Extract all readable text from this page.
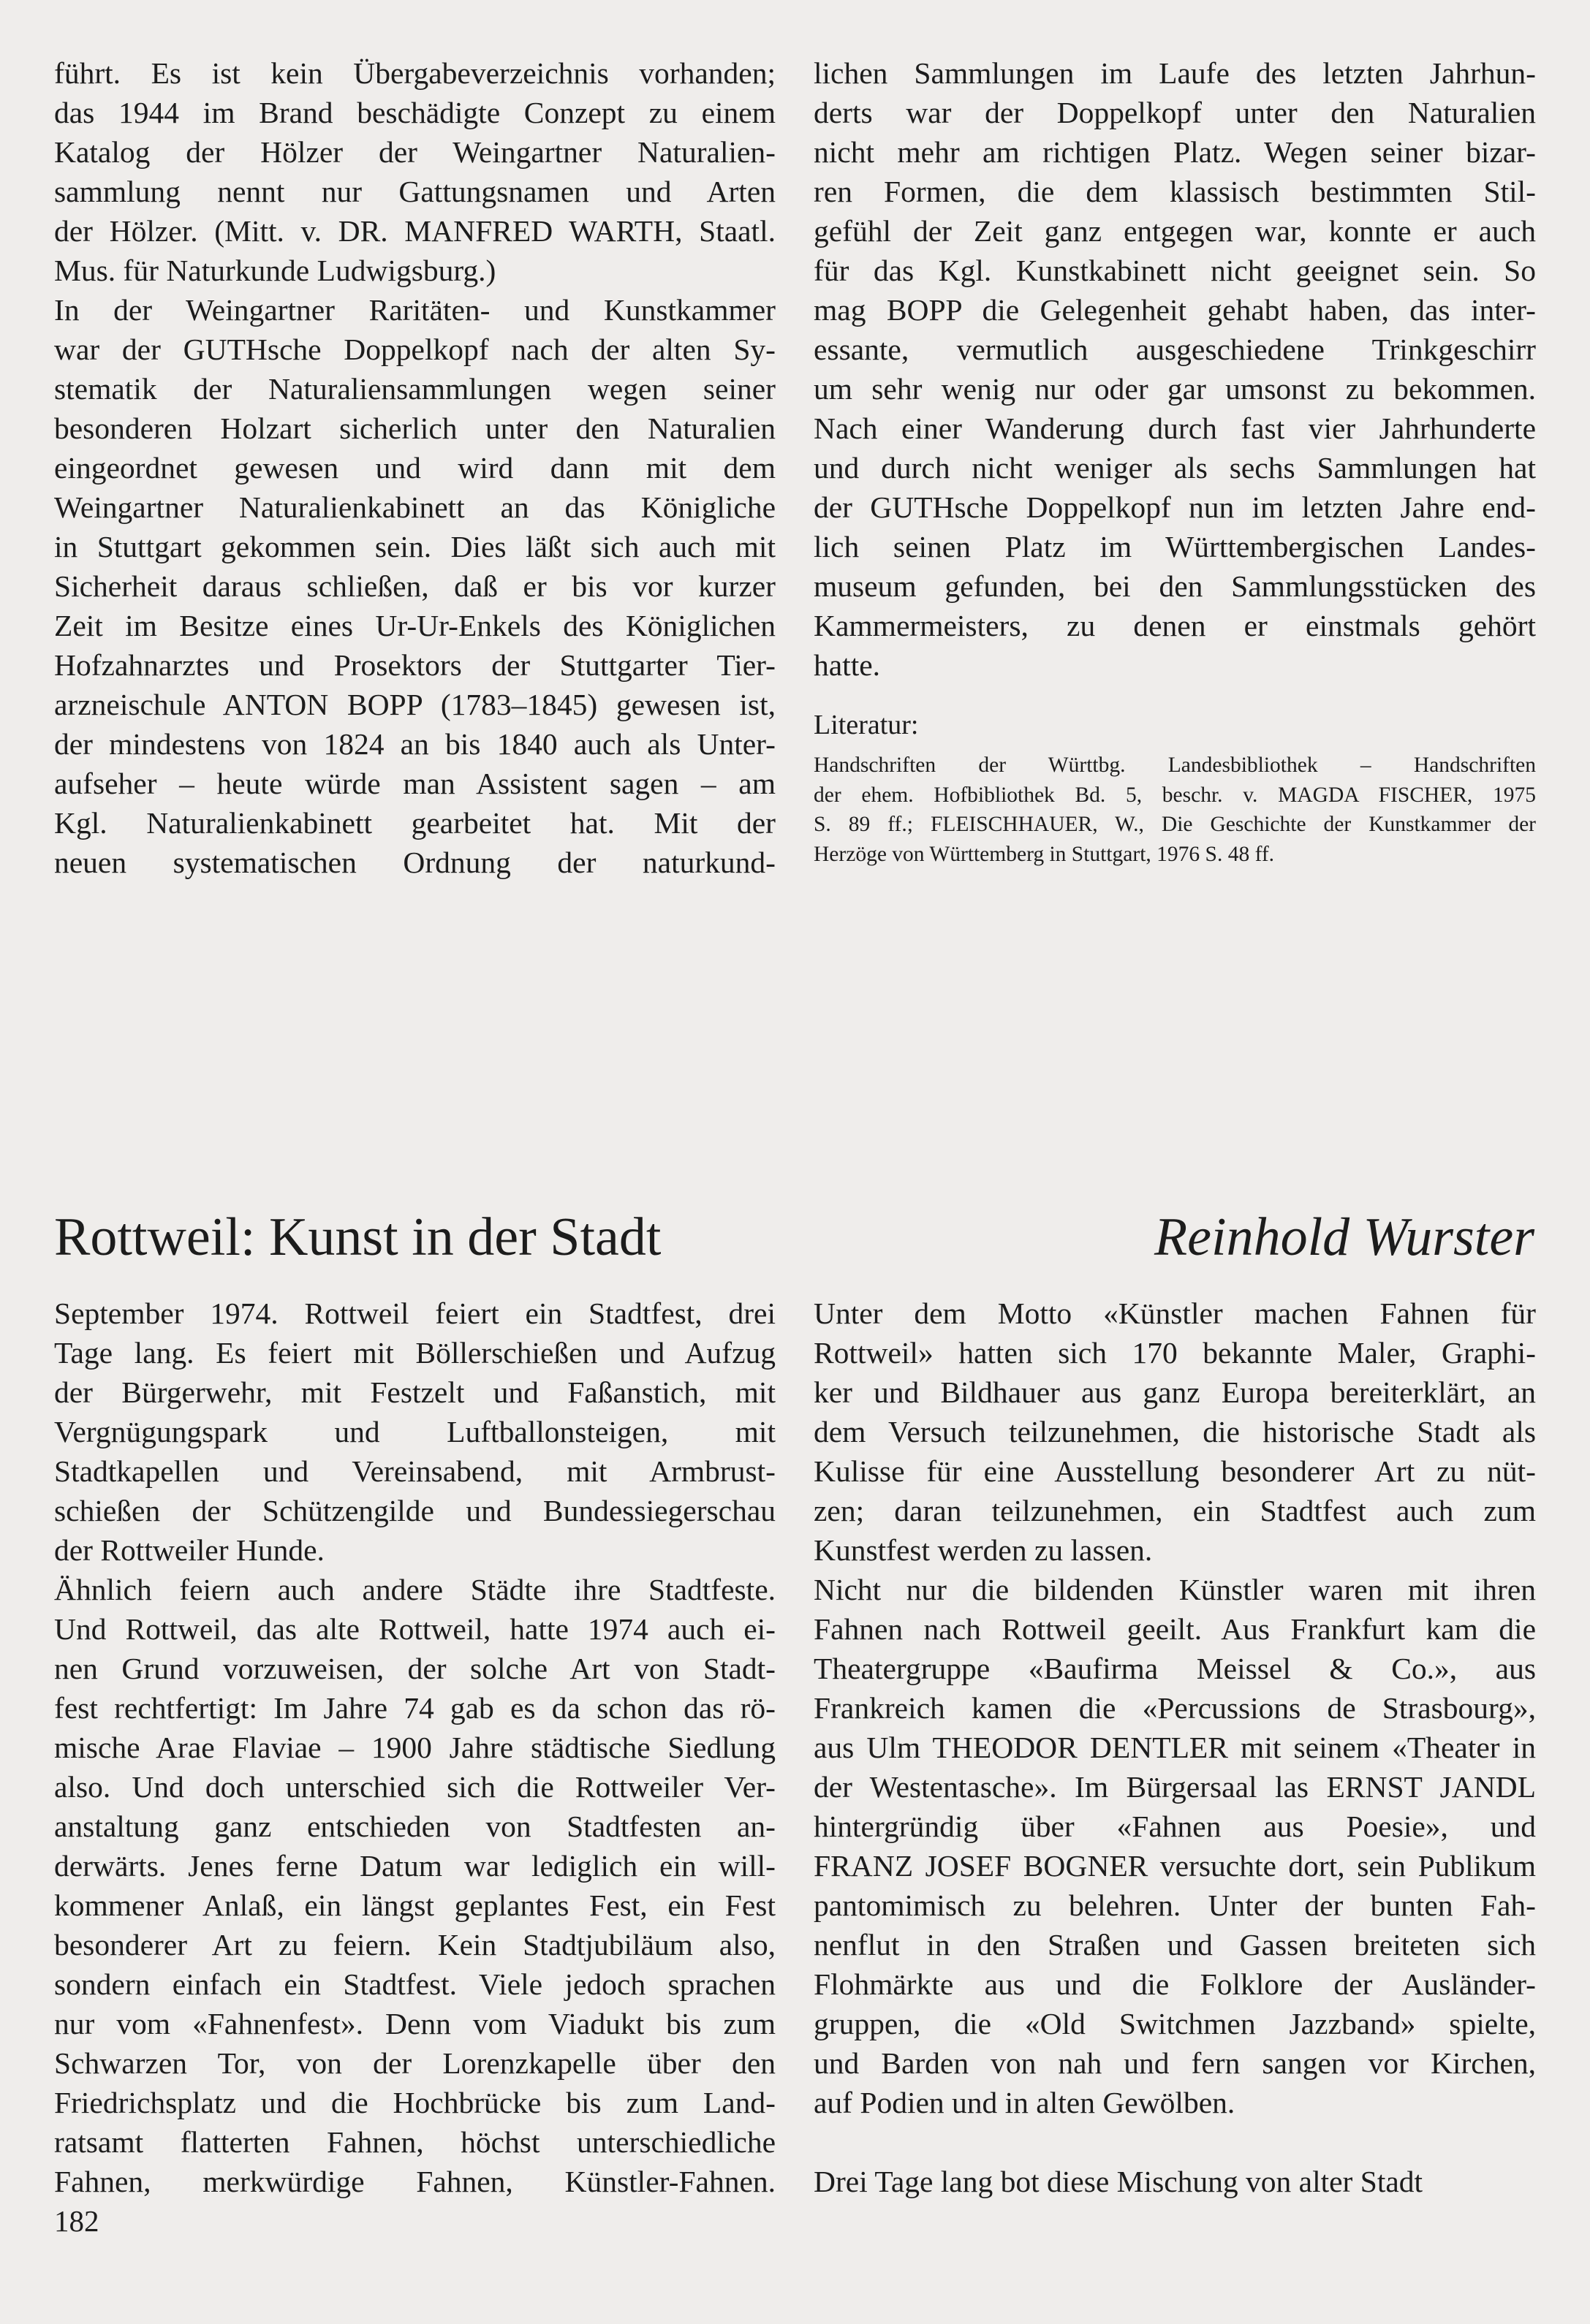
führt. Es ist kein Übergabeverzeichnis vorhanden;

das 1944 im Brand beschädigte Conzept zu einem

Katalog der Hölzer der Weingartner Naturalien-

sammlung nennt nur Gattungsnamen und Arten

der Hölzer. (Mitt. v. DR. MANFRED WARTH, Staatl.

Mus. für Naturkunde Ludwigsburg.)

In der Weingartner Raritäten- und Kunstkammer

war der GUTHsche Doppelkopf nach der alten Sy-

stematik der Naturaliensammlungen wegen seiner

besonderen Holzart sicherlich unter den Naturalien

eingeordnet gewesen und wird dann mit dem

Weingartner Naturalienkabinett an das Königliche

in Stuttgart gekommen sein. Dies läßt sich auch mit

Sicherheit daraus schließen, daß er bis vor kurzer

Zeit im Besitze eines Ur-Ur-Enkels des Königlichen

Hofzahnarztes und Prosektors der Stuttgarter Tier-

arzneischule ANTON BOPP (1783–1845) gewesen ist,

der mindestens von 1824 an bis 1840 auch als Unter-

aufseher – heute würde man Assistent sagen – am

Kgl. Naturalienkabinett gearbeitet hat. Mit der

neuen systematischen Ordnung der naturkund-

lichen Sammlungen im Laufe des letzten Jahrhun-

derts war der Doppelkopf unter den Naturalien

nicht mehr am richtigen Platz. Wegen seiner bizar-

ren Formen, die dem klassisch bestimmten Stil-

gefühl der Zeit ganz entgegen war, konnte er auch

für das Kgl. Kunstkabinett nicht geeignet sein. So

mag BOPP die Gelegenheit gehabt haben, das inter-

essante, vermutlich ausgeschiedene Trinkgeschirr

um sehr wenig nur oder gar umsonst zu bekommen.

Nach einer Wanderung durch fast vier Jahrhunderte

und durch nicht weniger als sechs Sammlungen hat

der GUTHsche Doppelkopf nun im letzten Jahre end-

lich seinen Platz im Württembergischen Landes-

museum gefunden, bei den Sammlungsstücken des

Kammermeisters, zu denen er einstmals gehört

hatte.

Literatur:

Handschriften der Württbg. Landesbibliothek – Handschriften

der ehem. Hofbibliothek Bd. 5, beschr. v. MAGDA FISCHER, 1975

S. 89 ff.; FLEISCHHAUER, W., Die Geschichte der Kunstkammer der

Herzöge von Württemberg in Stuttgart, 1976 S. 48 ff.

Rottweil: Kunst in der Stadt	Reinhold Wurster

September 1974. Rottweil feiert ein Stadtfest, drei

Tage lang. Es feiert mit Böllerschießen und Aufzug

der Bürgerwehr, mit Festzelt und Faßanstich, mit

Vergnügungspark und Luftballonsteigen, mit

Stadtkapellen und Vereinsabend, mit Armbrust-

schießen der Schützengilde und Bundessiegerschau

der Rottweiler Hunde.

Ähnlich feiern auch andere Städte ihre Stadtfeste.

Und Rottweil, das alte Rottweil, hatte 1974 auch ei-

nen Grund vorzuweisen, der solche Art von Stadt-

fest rechtfertigt: Im Jahre 74 gab es da schon das rö-

mische Arae Flaviae – 1900 Jahre städtische Siedlung

also. Und doch unterschied sich die Rottweiler Ver-

anstaltung ganz entschieden von Stadtfesten an-

derwärts. Jenes ferne Datum war lediglich ein will-

kommener Anlaß, ein längst geplantes Fest, ein Fest

besonderer Art zu feiern. Kein Stadtjubiläum also,

sondern einfach ein Stadtfest. Viele jedoch sprachen

nur vom «Fahnenfest». Denn vom Viadukt bis zum

Schwarzen Tor, von der Lorenzkapelle über den

Friedrichsplatz und die Hochbrücke bis zum Land-

ratsamt flatterten Fahnen, höchst unterschiedliche

Fahnen, merkwürdige Fahnen, Künstler-Fahnen.

Unter dem Motto «Künstler machen Fahnen für

Rottweil» hatten sich 170 bekannte Maler, Graphi-

ker und Bildhauer aus ganz Europa bereiterklärt, an

dem Versuch teilzunehmen, die historische Stadt als

Kulisse für eine Ausstellung besonderer Art zu nüt-

zen; daran teilzunehmen, ein Stadtfest auch zum

Kunstfest werden zu lassen.

Nicht nur die bildenden Künstler waren mit ihren

Fahnen nach Rottweil geeilt. Aus Frankfurt kam die

Theatergruppe «Baufirma Meissel & Co.», aus

Frankreich kamen die «Percussions de Strasbourg»,

aus Ulm THEODOR DENTLER mit seinem «Theater in

der Westentasche». Im Bürgersaal las ERNST JANDL

hintergründig über «Fahnen aus Poesie», und

FRANZ JOSEF BOGNER versuchte dort, sein Publikum

pantomimisch zu belehren. Unter der bunten Fah-

nenflut in den Straßen und Gassen breiteten sich

Flohmärkte aus und die Folklore der Ausländer-

gruppen, die «Old Switchmen Jazzband» spielte,

und Barden von nah und fern sangen vor Kirchen,

auf Podien und in alten Gewölben.

Drei Tage lang bot diese Mischung von alter Stadt

182
